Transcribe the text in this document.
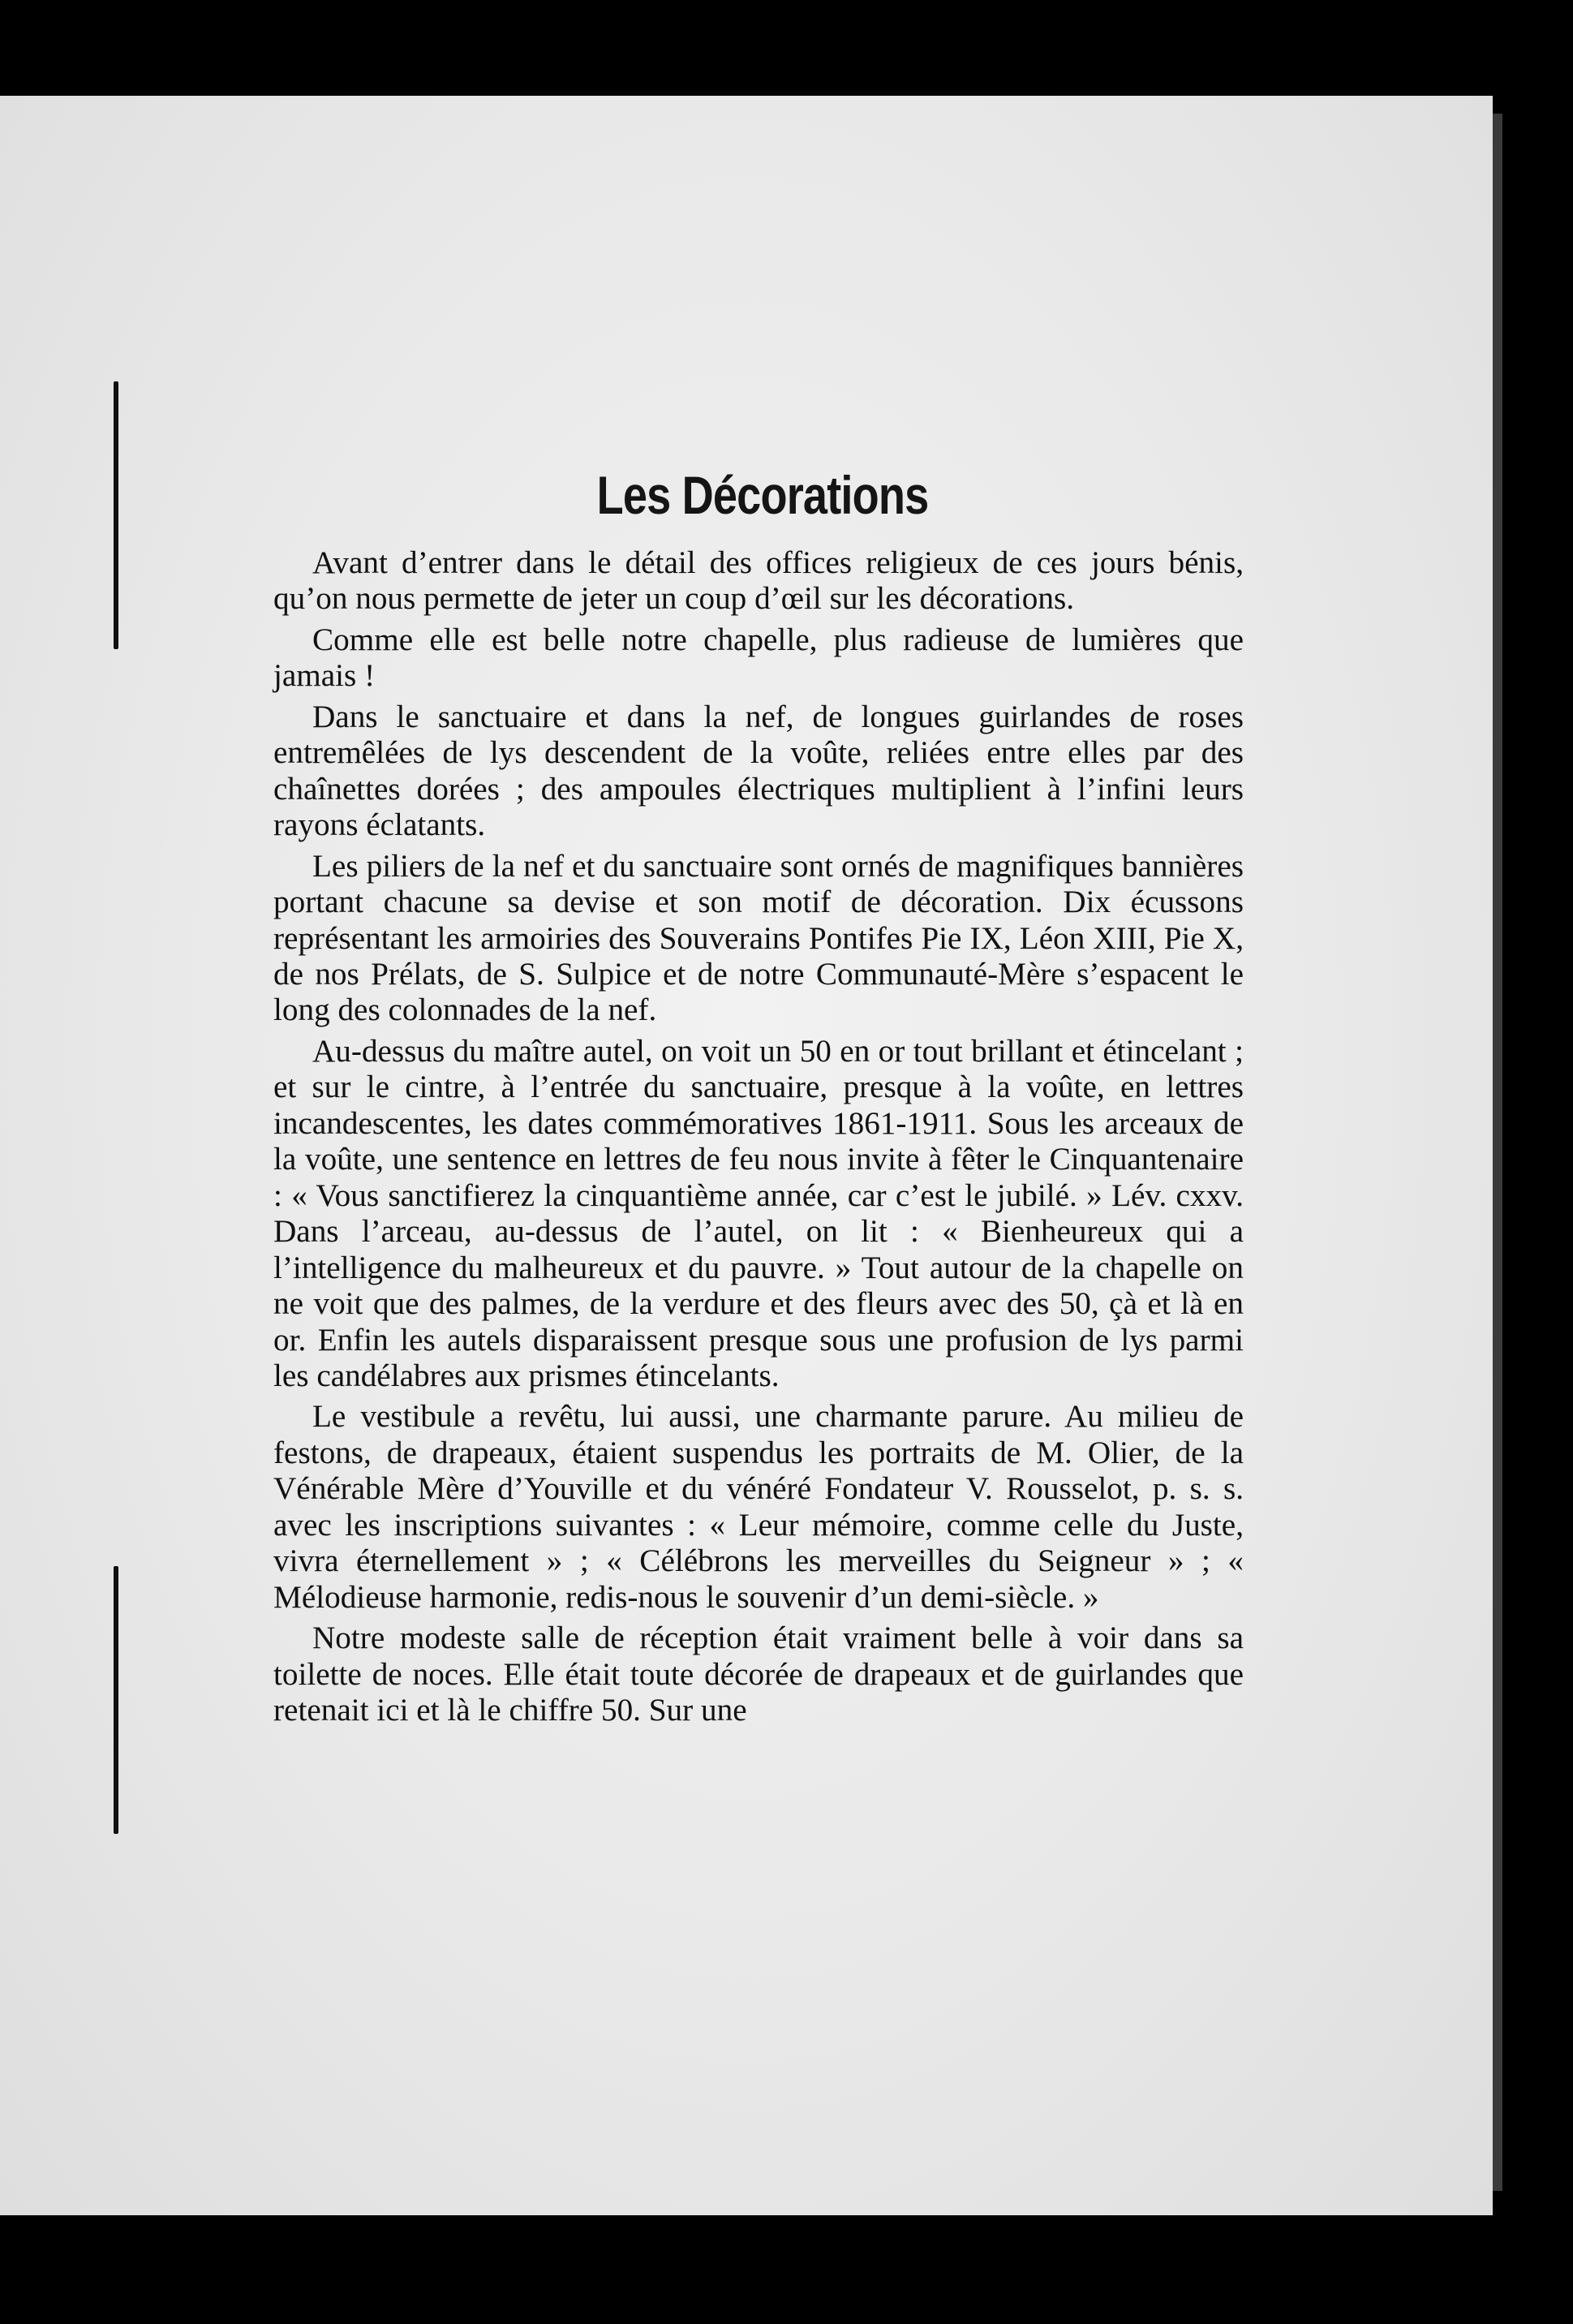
Les Décorations

Avant d’entrer dans le détail des offices religieux de ces jours bénis, qu’on nous permette de jeter un coup d’œil sur les décorations.

Comme elle est belle notre chapelle, plus radieuse de lumières que jamais !

Dans le sanctuaire et dans la nef, de longues guirlandes de roses entremêlées de lys descendent de la voûte, reliées entre elles par des chaînettes dorées ; des ampoules électriques multiplient à l’infini leurs rayons éclatants.

Les piliers de la nef et du sanctuaire sont ornés de magnifiques bannières portant chacune sa devise et son motif de décoration. Dix écussons représentant les armoiries des Souverains Pontifes Pie IX, Léon XIII, Pie X, de nos Prélats, de S. Sulpice et de notre Communauté-Mère s’espacent le long des colonnades de la nef.

Au-dessus du maître autel, on voit un 50 en or tout brillant et étincelant ; et sur le cintre, à l’entrée du sanctuaire, presque à la voûte, en lettres incandescentes, les dates commémoratives 1861-1911. Sous les arceaux de la voûte, une sentence en lettres de feu nous invite à fêter le Cinquantenaire : « Vous sanctifierez la cinquantième année, car c’est le jubilé. » Lév. cxxv. Dans l’arceau, au-dessus de l’autel, on lit : « Bienheureux qui a l’intelligence du malheureux et du pauvre. » Tout autour de la chapelle on ne voit que des palmes, de la verdure et des fleurs avec des 50, çà et là en or. Enfin les autels disparaissent presque sous une profusion de lys parmi les candélabres aux prismes étincelants.

Le vestibule a revêtu, lui aussi, une charmante parure. Au milieu de festons, de drapeaux, étaient suspendus les portraits de M. Olier, de la Vénérable Mère d’Youville et du vénéré Fondateur V. Rousselot, p. s. s. avec les inscriptions suivantes : « Leur mémoire, comme celle du Juste, vivra éternellement » ; « Célébrons les merveilles du Seigneur » ; « Mélodieuse harmonie, redis-nous le souvenir d’un demi-siècle. »

Notre modeste salle de réception était vraiment belle à voir dans sa toilette de noces. Elle était toute décorée de drapeaux et de guirlandes que retenait ici et là le chiffre 50. Sur une
